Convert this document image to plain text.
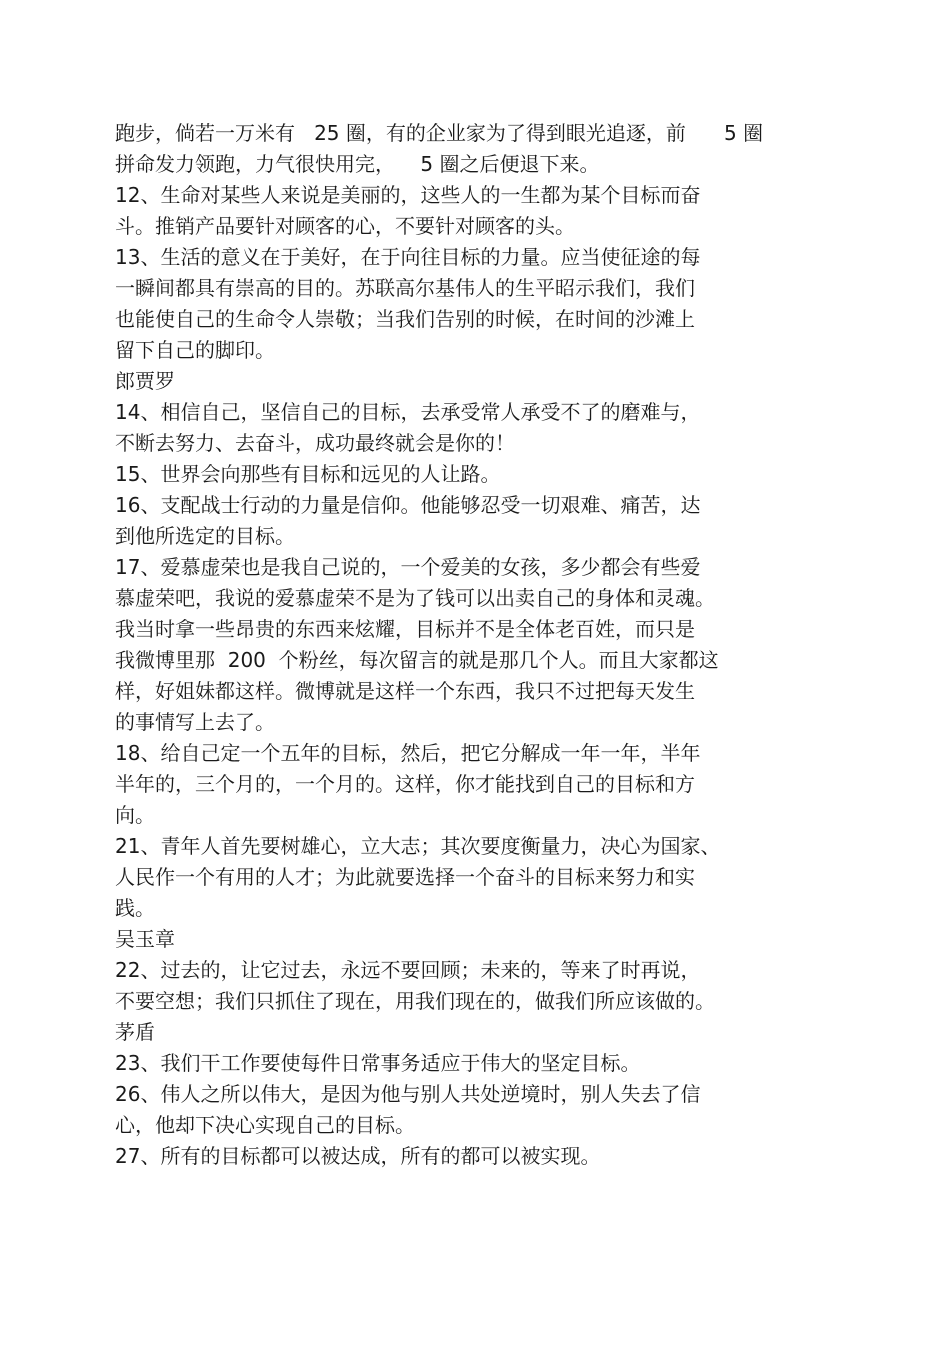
跑步，倘若一万米有   25 圈，有的企业家为了得到眼光追逐，前      5 圈
拼命发力领跑，力气很快用完，    5 圈之后便退下来。
12、生命对某些人来说是美丽的，这些人的一生都为某个目标而奋
斗。推销产品要针对顾客的心，不要针对顾客的头。
13、生活的意义在于美好，在于向往目标的力量。应当使征途的每
一瞬间都具有崇高的目的。苏联高尔基伟人的生平昭示我们，我们
也能使自己的生命令人崇敬；当我们告别的时候，在时间的沙滩上
留下自己的脚印。
郎贾罗
14、相信自己，坚信自己的目标，去承受常人承受不了的磨难与，
不断去努力、去奋斗，成功最终就会是你的！
15、世界会向那些有目标和远见的人让路。
16、支配战士行动的力量是信仰。他能够忍受一切艰难、痛苦，达
到他所选定的目标。
17、爱慕虚荣也是我自己说的，一个爱美的女孩，多少都会有些爱
慕虚荣吧，我说的爱慕虚荣不是为了钱可以出卖自己的身体和灵魂。
我当时拿一些昂贵的东西来炫耀，目标并不是全体老百姓，而只是
我微博里那  200  个粉丝，每次留言的就是那几个人。而且大家都这
样，好姐妹都这样。微博就是这样一个东西，我只不过把每天发生
的事情写上去了。
18、给自己定一个五年的目标，然后，把它分解成一年一年，半年
半年的，三个月的，一个月的。这样，你才能找到自己的目标和方
向。
21、青年人首先要树雄心，立大志；其次要度衡量力，决心为国家、
人民作一个有用的人才；为此就要选择一个奋斗的目标来努力和实
践。
吴玉章
22、过去的，让它过去，永远不要回顾；未来的，等来了时再说，
不要空想；我们只抓住了现在，用我们现在的，做我们所应该做的。
茅盾
23、我们干工作要使每件日常事务适应于伟大的坚定目标。
26、伟人之所以伟大，是因为他与别人共处逆境时，别人失去了信
心，他却下决心实现自己的目标。
27、所有的目标都可以被达成，所有的都可以被实现。
